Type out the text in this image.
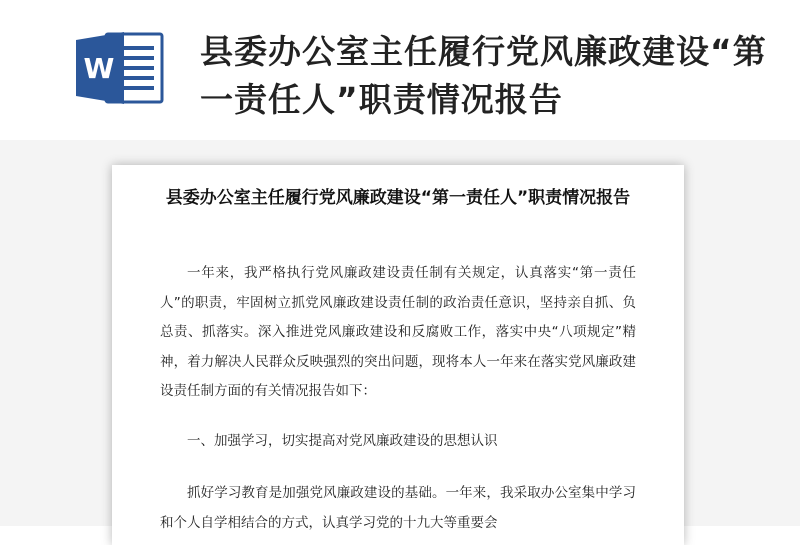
W	县委办公室主任履行党风廉政建设“第一责任人”职责情况报告
县委办公室主任履行党风廉政建设“第一责任人”职责情况报告
一年来，我严格执行党风廉政建设责任制有关规定，认真落实“第一责任人”的职责，牢固树立抓党风廉政建设责任制的政治责任意识，坚持亲自抓、负总责、抓落实。深入推进党风廉政建设和反腐败工作，落实中央“八项规定”精神，着力解决人民群众反映强烈的突出问题，现将本人一年来在落实党风廉政建设责任制方面的有关情况报告如下：
一、加强学习，切实提高对党风廉政建设的思想认识
抓好学习教育是加强党风廉政建设的基础。一年来，我采取办公室集中学习和个人自学相结合的方式，认真学习党的十九大等重要会
